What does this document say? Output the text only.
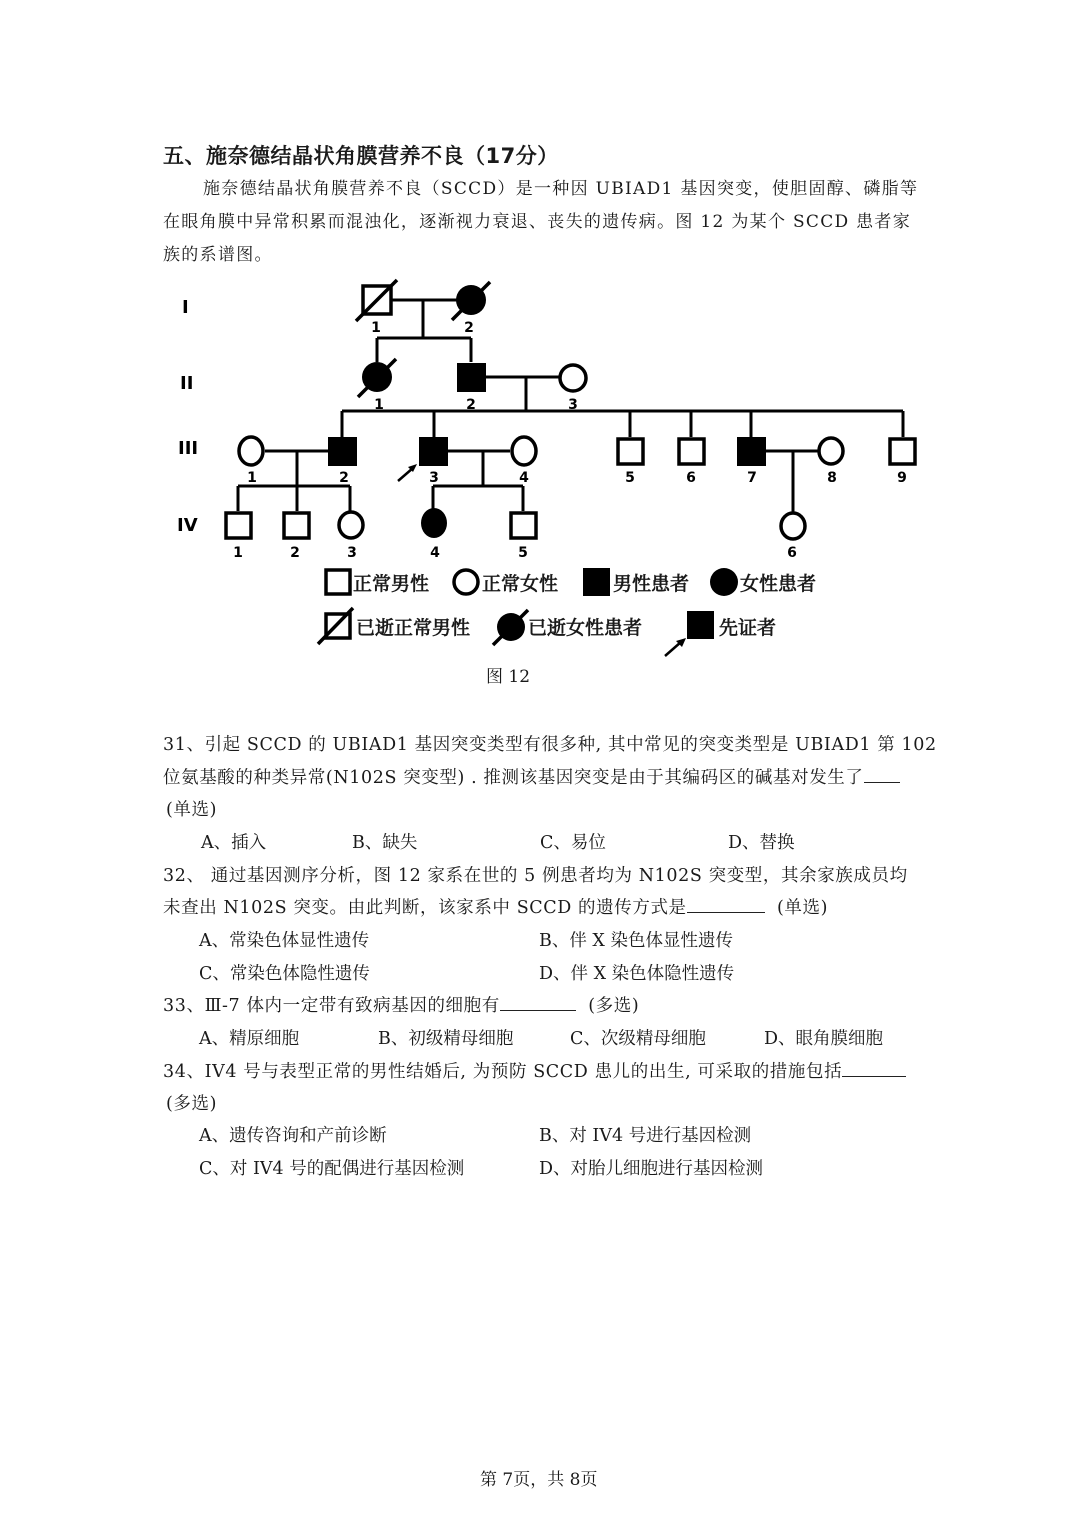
五、施奈德结晶状角膜营养不良（17分）
施奈德结晶状角膜营养不良（SCCD）是一种因 UBIAD1 基因突变，使胆固醇、磷脂等
在眼角膜中异常积累而混浊化，逐渐视力衰退、丧失的遗传病。图 12 为某个 SCCD 患者家
族的系谱图。
I
II
III
IV
1	2
1	2	3
1	2	3	4	5	6	7	8	9
1	2	3	4	5	6
正常男性	正常女性	男性患者	女性患者
已逝正常男性	已逝女性患者	先证者
图 12
31、引起 SCCD 的 UBIAD1 基因突变类型有很多种, 其中常见的突变类型是 UBIAD1 第 102
位氨基酸的种类异常(N102S 突变型) . 推测该基因突变是由于其编码区的碱基对发生了
(单选)
A、插入	B、缺失	C、易位	D、替换
32、 通过基因测序分析，图 12 家系在世的 5 例患者均为 N102S 突变型，其余家族成员均
未查出 N102S 突变。由此判断，该家系中 SCCD 的遗传方式是	(单选)
A、常染色体显性遗传	B、伴 X 染色体显性遗传
C、常染色体隐性遗传	D、伴 X 染色体隐性遗传
33、Ⅲ-7 体内一定带有致病基因的细胞有	(多选)
A、精原细胞	B、初级精母细胞	C、次级精母细胞	D、眼角膜细胞
34、IV4 号与表型正常的男性结婚后, 为预防 SCCD 患儿的出生, 可采取的措施包括
(多选)
A、遗传咨询和产前诊断	B、对 IV4 号进行基因检测
C、对 IV4 号的配偶进行基因检测	D、对胎儿细胞进行基因检测
第 7页，共 8页
